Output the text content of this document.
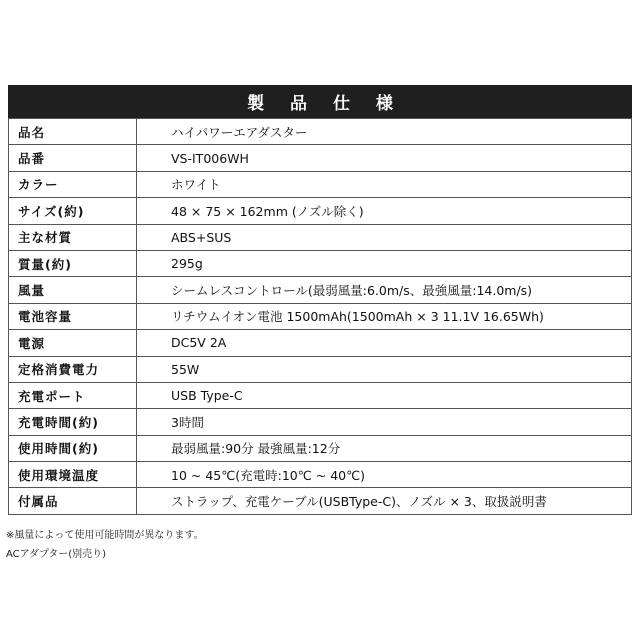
製 品 仕 様
品名	ハイパワーエアダスター
品番	VS-IT006WH
カラー	ホワイト
サイズ(約)	48 × 75 × 162mm (ノズル除く)
主な材質	ABS+SUS
質量(約)	295g
風量	シームレスコントロール(最弱風量:6.0m/s、最強風量:14.0m/s)
電池容量	リチウムイオン電池 1500mAh(1500mAh × 3 11.1V 16.65Wh)
電源	DC5V 2A
定格消費電力	55W
充電ポート	USB Type-C
充電時間(約)	3時間
使用時間(約)	最弱風量:90分 最強風量:12分
使用環境温度	10 ~ 45℃(充電時:10℃ ~ 40℃)
付属品	ストラップ、充電ケーブル(USBType-C)、ノズル × 3、取扱説明書
※風量によって使用可能時間が異なります。
ACアダプター(別売り)
